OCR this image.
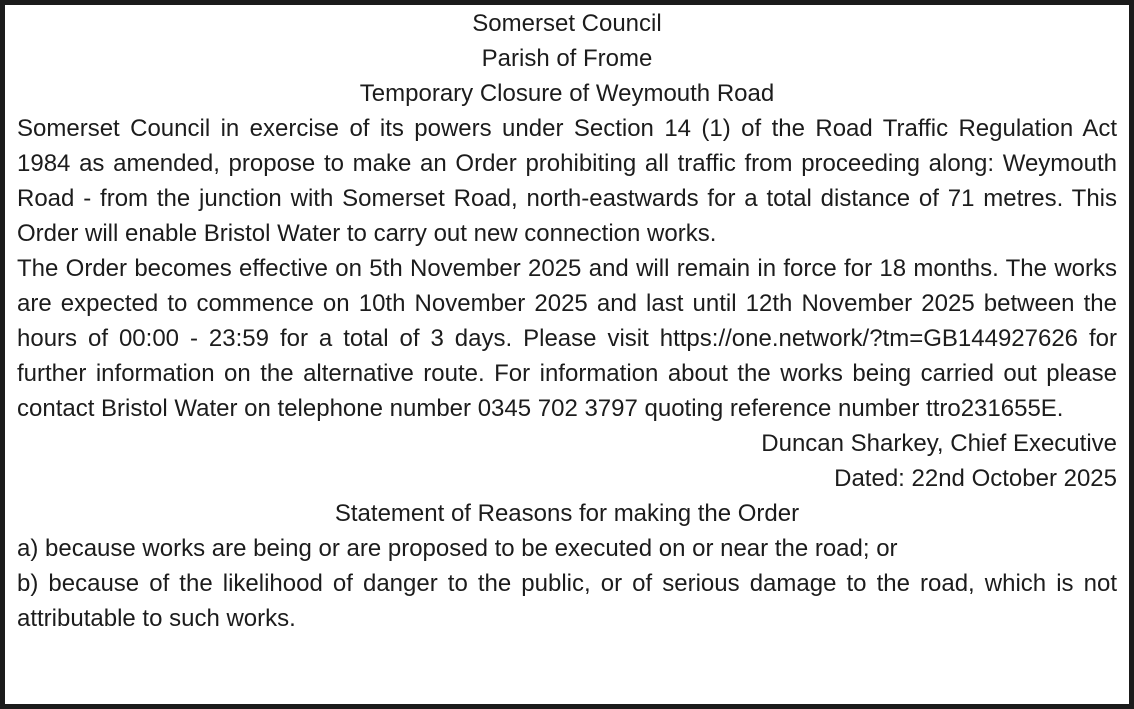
Somerset Council

Parish of Frome

Temporary Closure of Weymouth Road

Somerset Council in exercise of its powers under Section 14 (1) of the Road Traffic Regulation Act 1984 as amended, propose to make an Order prohibiting all traffic from proceeding along: Weymouth Road - from the junction with Somerset Road, north-eastwards for a total distance of 71 metres. This Order will enable Bristol Water to carry out new connection works.

The Order becomes effective on 5th November 2025 and will remain in force for 18 months. The works are expected to commence on 10th November 2025 and last until 12th November 2025 between the hours of 00:00 - 23:59 for a total of 3 days. Please visit https://one.network/?tm=GB144927626 for further information on the alternative route. For information about the works being carried out please contact Bristol Water on telephone number 0345 702 3797 quoting reference number ttro231655E.

Duncan Sharkey, Chief Executive

Dated: 22nd October 2025

Statement of Reasons for making the Order

a) because works are being or are proposed to be executed on or near the road; or

b) because of the likelihood of danger to the public, or of serious damage to the road, which is not attributable to such works.
